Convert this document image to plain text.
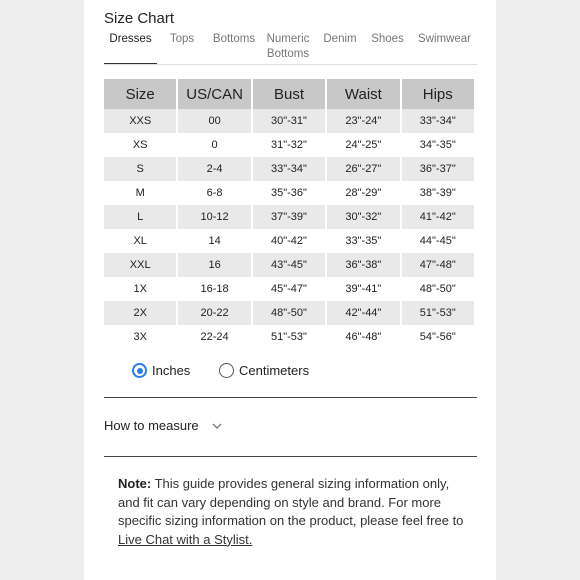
Size Chart
Dresses	Tops	Bottoms	Numeric Bottoms
Denim Shoes Swimwear
Size	US/CAN	Bust	Waist	Hips
XXS	00	30"-31"	23"-24"	33"-34"
XS	0	31"-32"	24"-25"	34"-35"
S	2-4	33"-34"	26"-27"	36"-37"
M	6-8	35"-36"	28"-29"	38"-39"
L	10-12	37"-39"	30"-32"	41"-42"
XL	14	40"-42"	33"-35"	44"-45"
XXL	16	43"-45"	36"-38"	47"-48"
1X	16-18	45"-47"	39"-41"	48"-50"
2X	20-22	48"-50"	42"-44"	51"-53"
3X	22-24	51"-53"	46"-48"	54"-56"
Inches	Centimeters
How to measure
Note: This guide provides general sizing information only, and fit can vary depending on style and brand. For more specific sizing information on the product, please feel free to Live Chat with a Stylist.
